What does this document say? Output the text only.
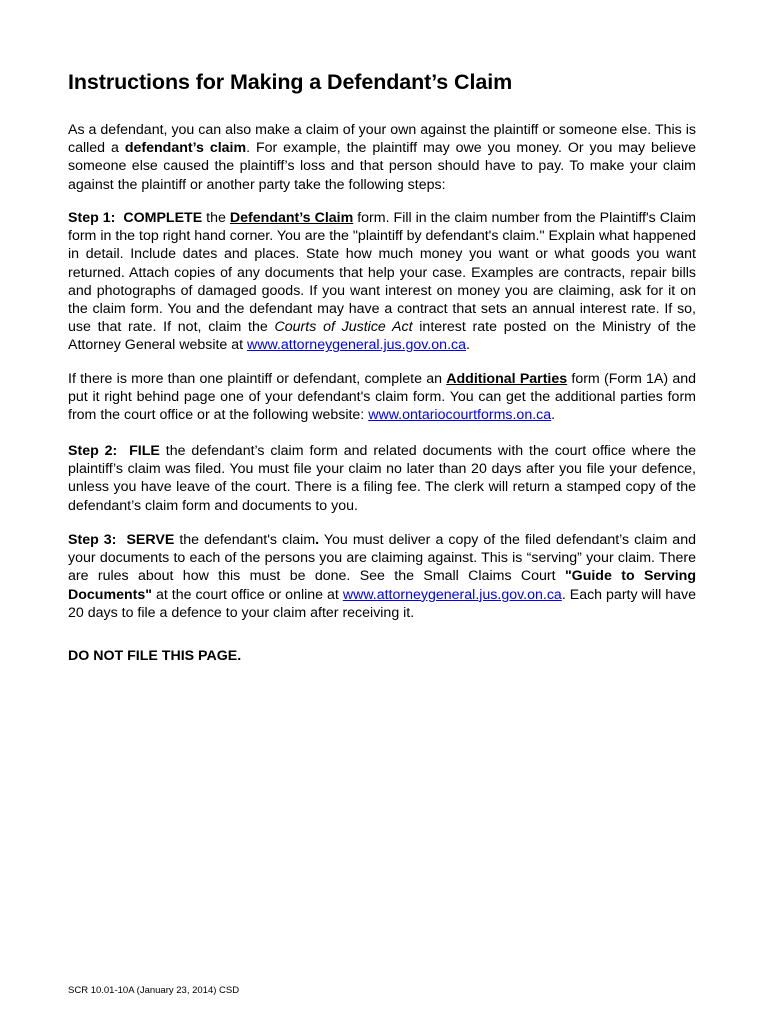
Instructions for Making a Defendant’s Claim

As a defendant, you can also make a claim of your own against the plaintiff or someone else. This is called a defendant’s claim. For example, the plaintiff may owe you money. Or you may believe someone else caused the plaintiff’s loss and that person should have to pay. To make your claim against the plaintiff or another party take the following steps:

Step 1: COMPLETE the Defendant’s Claim form. Fill in the claim number from the Plaintiff's Claim form in the top right hand corner. You are the "plaintiff by defendant's claim." Explain what happened in detail. Include dates and places. State how much money you want or what goods you want returned. Attach copies of any documents that help your case. Examples are contracts, repair bills and photographs of damaged goods. If you want interest on money you are claiming, ask for it on the claim form. You and the defendant may have a contract that sets an annual interest rate. If so, use that rate. If not, claim the Courts of Justice Act interest rate posted on the Ministry of the Attorney General website at www.attorneygeneral.jus.gov.on.ca.

If there is more than one plaintiff or defendant, complete an Additional Parties form (Form 1A) and put it right behind page one of your defendant's claim form. You can get the additional parties form from the court office or at the following website: www.ontariocourtforms.on.ca.

Step 2: FILE the defendant’s claim form and related documents with the court office where the plaintiff’s claim was filed. You must file your claim no later than 20 days after you file your defence, unless you have leave of the court. There is a filing fee. The clerk will return a stamped copy of the defendant’s claim form and documents to you.

Step 3: SERVE the defendant's claim. You must deliver a copy of the filed defendant’s claim and your documents to each of the persons you are claiming against. This is “serving” your claim. There are rules about how this must be done. See the Small Claims Court "Guide to Serving Documents" at the court office or online at www.attorneygeneral.jus.gov.on.ca. Each party will have 20 days to file a defence to your claim after receiving it.

DO NOT FILE THIS PAGE.

SCR 10.01-10A (January 23, 2014) CSD
